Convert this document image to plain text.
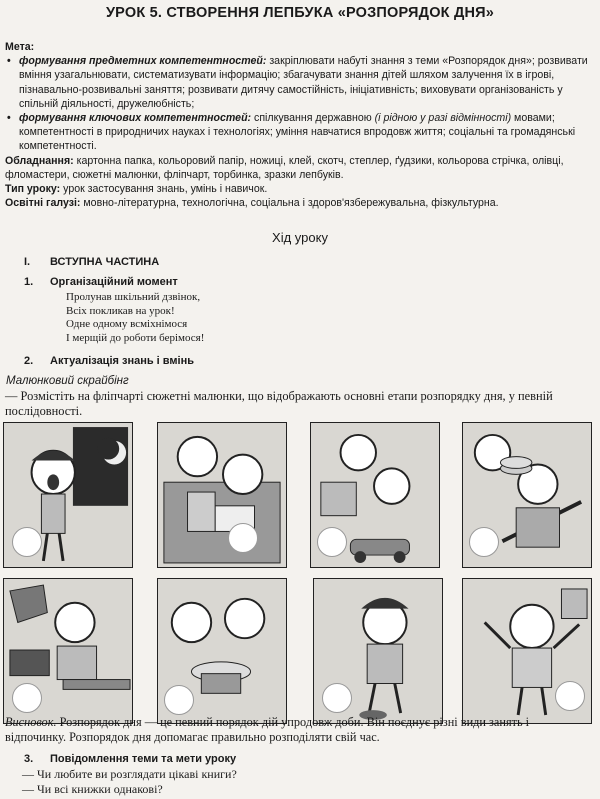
УРОК 5. СТВОРЕННЯ ЛЕПБУКА «РОЗПОРЯДОК ДНЯ»

Мета:

• формування предметних компетентностей: закріплювати набуті знання з теми «Розпорядок дня»; розвивати вміння узагальнювати, систематизувати інформацію; збагачувати знання дітей шляхом залучення їх в ігрові, пізнавально-розвивальні заняття; розвивати дитячу самостійність, ініціативність; виховувати організованість у спільній діяльності, дружелюбність;

• формування ключових компетентностей: спілкування державною (і рідною у разі відмінності) мовами; компетентності в природничих науках і технологіях; уміння навчатися впродовж життя; соціальні та громадянські компетентності.

Обладнання: картонна папка, кольоровий папір, ножиці, клей, скотч, степлер, ґудзики, кольорова стрічка, олівці, фломастери, сюжетні малюнки, фліпчарт, торбинка, зразки лепбуків.

Тип уроку: урок застосування знань, умінь і навичок.

Освітні галузі: мовно-літературна, технологічна, соціальна і здоров'язбережувальна, фізкультурна.

Хід уроку
I. ВСТУПНА ЧАСТИНА
1. Організаційний момент
Пролунав шкільний дзвінок,
Всіх покликав на урок!
Одне одному всміхнімося
І мерщій до роботи берімося!
2. Актуалізація знань і вмінь
Малюнковий скрайбінг
— Розмістіть на фліпчарті сюжетні малюнки, що відображають основні етапи розпорядку дня, у певній послідовності.
Висновок. Розпорядок дня — це певний порядок дій упродовж доби. Він поєднує різні види занять і відпочинку. Розпорядок дня допомагає правильно розподіляти свій час.
3. Повідомлення теми та мети уроку
— Чи любите ви розглядати цікаві книги?
— Чи всі книжки однакові?
